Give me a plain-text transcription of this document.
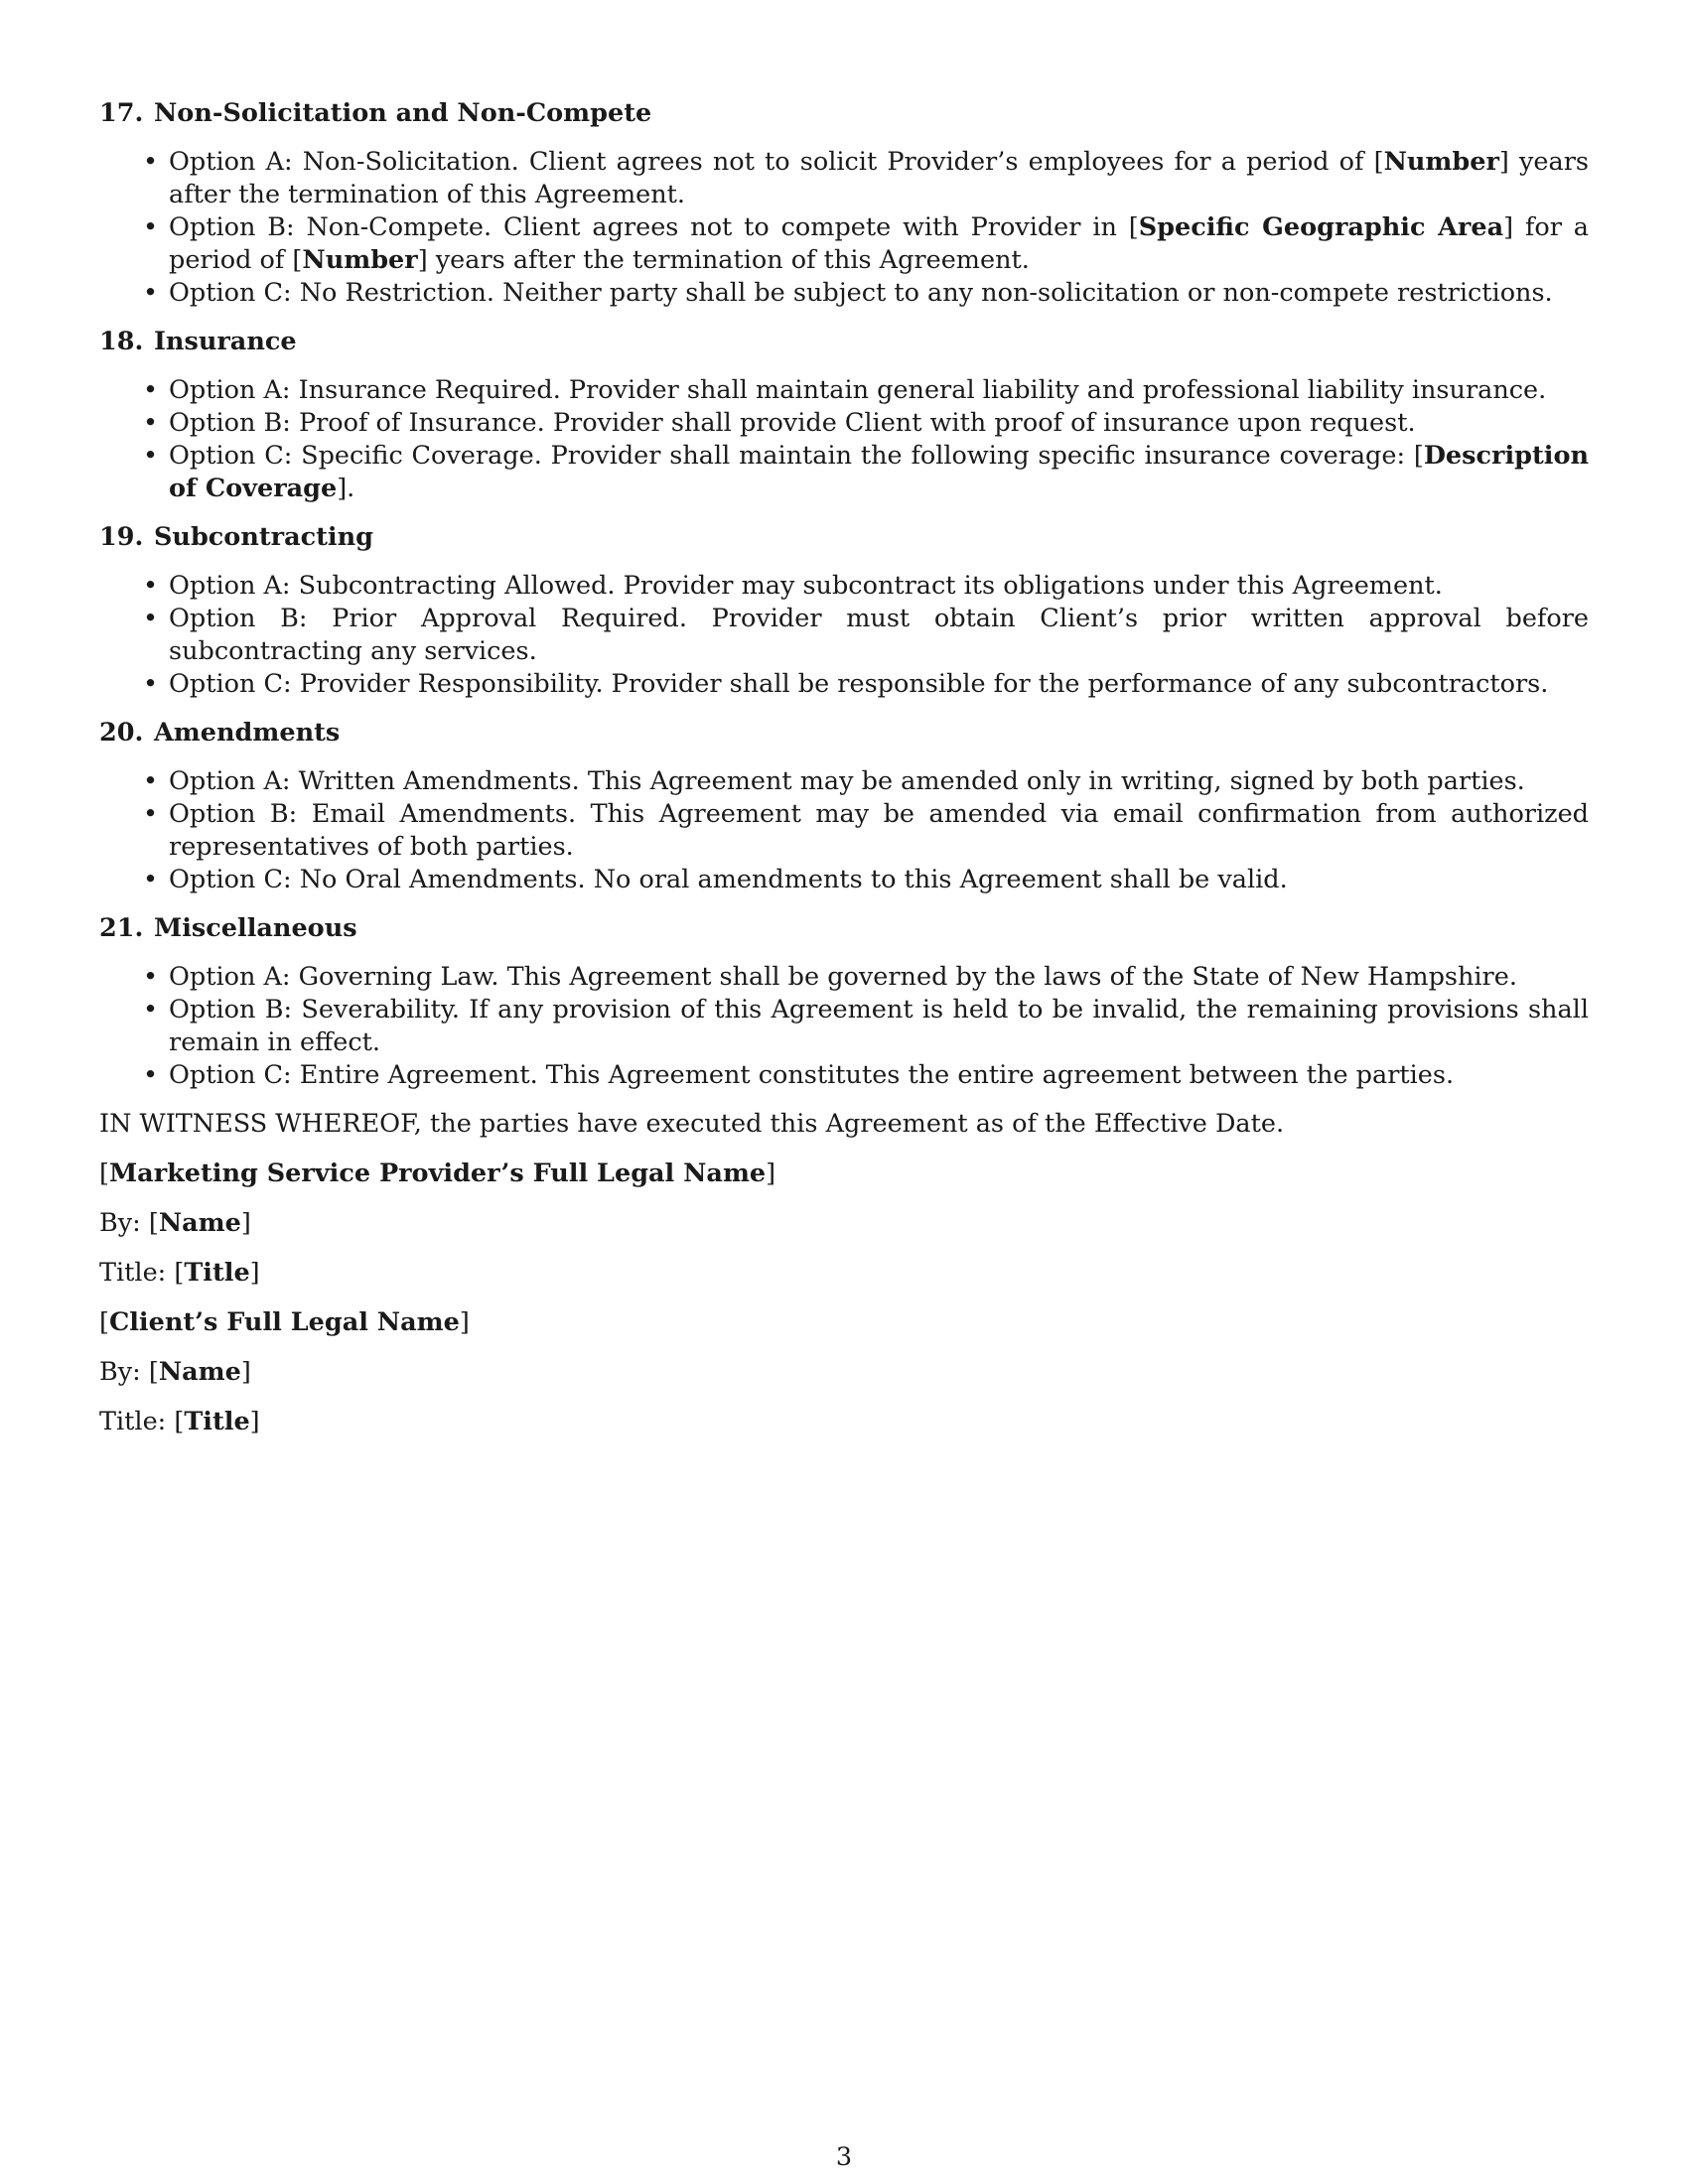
17. Non-Solicitation and Non-Compete

• Option A: Non-Solicitation. Client agrees not to solicit Provider’s employees for a period of [Number] years after the termination of this Agreement.
• Option B: Non-Compete. Client agrees not to compete with Provider in [Specific Geographic Area] for a period of [Number] years after the termination of this Agreement.
• Option C: No Restriction. Neither party shall be subject to any non-solicitation or non-compete restrictions.

18. Insurance

• Option A: Insurance Required. Provider shall maintain general liability and professional liability insurance.
• Option B: Proof of Insurance. Provider shall provide Client with proof of insurance upon request.
• Option C: Specific Coverage. Provider shall maintain the following specific insurance coverage: [Description of Coverage].

19. Subcontracting

• Option A: Subcontracting Allowed. Provider may subcontract its obligations under this Agreement.
• Option B: Prior Approval Required. Provider must obtain Client’s prior written approval before subcontracting any services.
• Option C: Provider Responsibility. Provider shall be responsible for the performance of any subcontractors.

20. Amendments

• Option A: Written Amendments. This Agreement may be amended only in writing, signed by both parties.
• Option B: Email Amendments. This Agreement may be amended via email confirmation from authorized representatives of both parties.
• Option C: No Oral Amendments. No oral amendments to this Agreement shall be valid.

21. Miscellaneous

• Option A: Governing Law. This Agreement shall be governed by the laws of the State of New Hampshire.
• Option B: Severability. If any provision of this Agreement is held to be invalid, the remaining provisions shall remain in effect.
• Option C: Entire Agreement. This Agreement constitutes the entire agreement between the parties.

IN WITNESS WHEREOF, the parties have executed this Agreement as of the Effective Date.

[Marketing Service Provider’s Full Legal Name]

By: [Name]

Title: [Title]

[Client’s Full Legal Name]

By: [Name]

Title: [Title]

3
